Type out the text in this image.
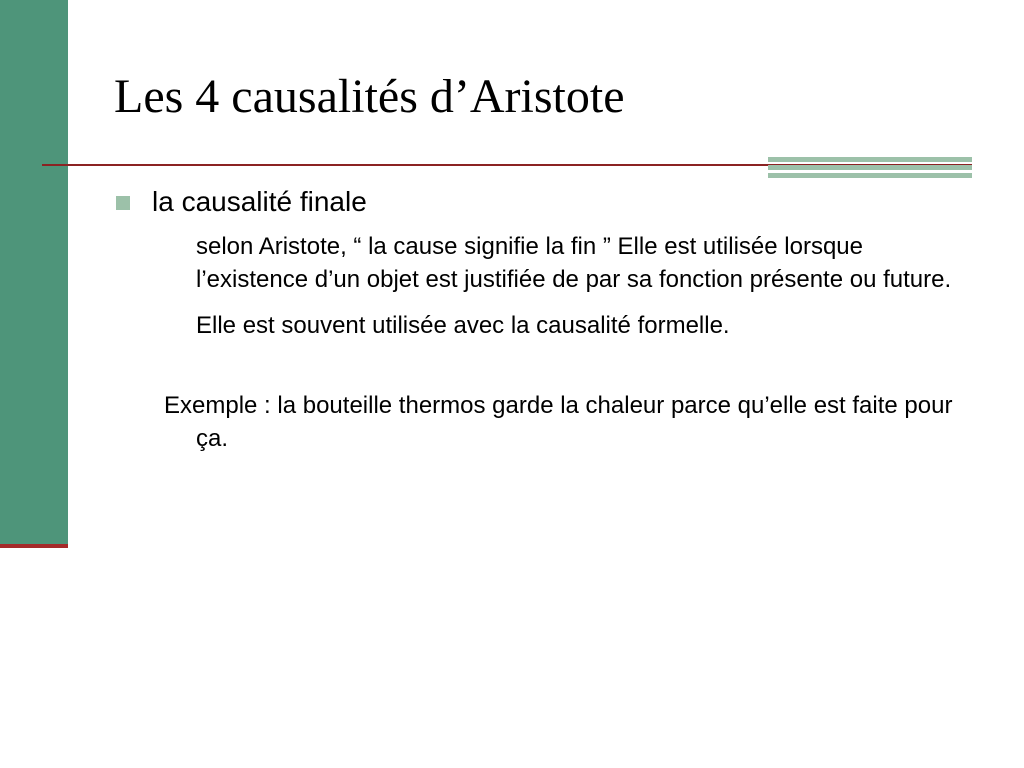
Les 4 causalités d’Aristote
la causalité finale
selon Aristote, “ la cause signifie la fin ” Elle est utilisée lorsque l’existence d’un objet est justifiée de par sa fonction présente ou future.
Elle est souvent utilisée avec la causalité formelle.
Exemple : la bouteille thermos garde la chaleur parce qu’elle est faite pour ça.
